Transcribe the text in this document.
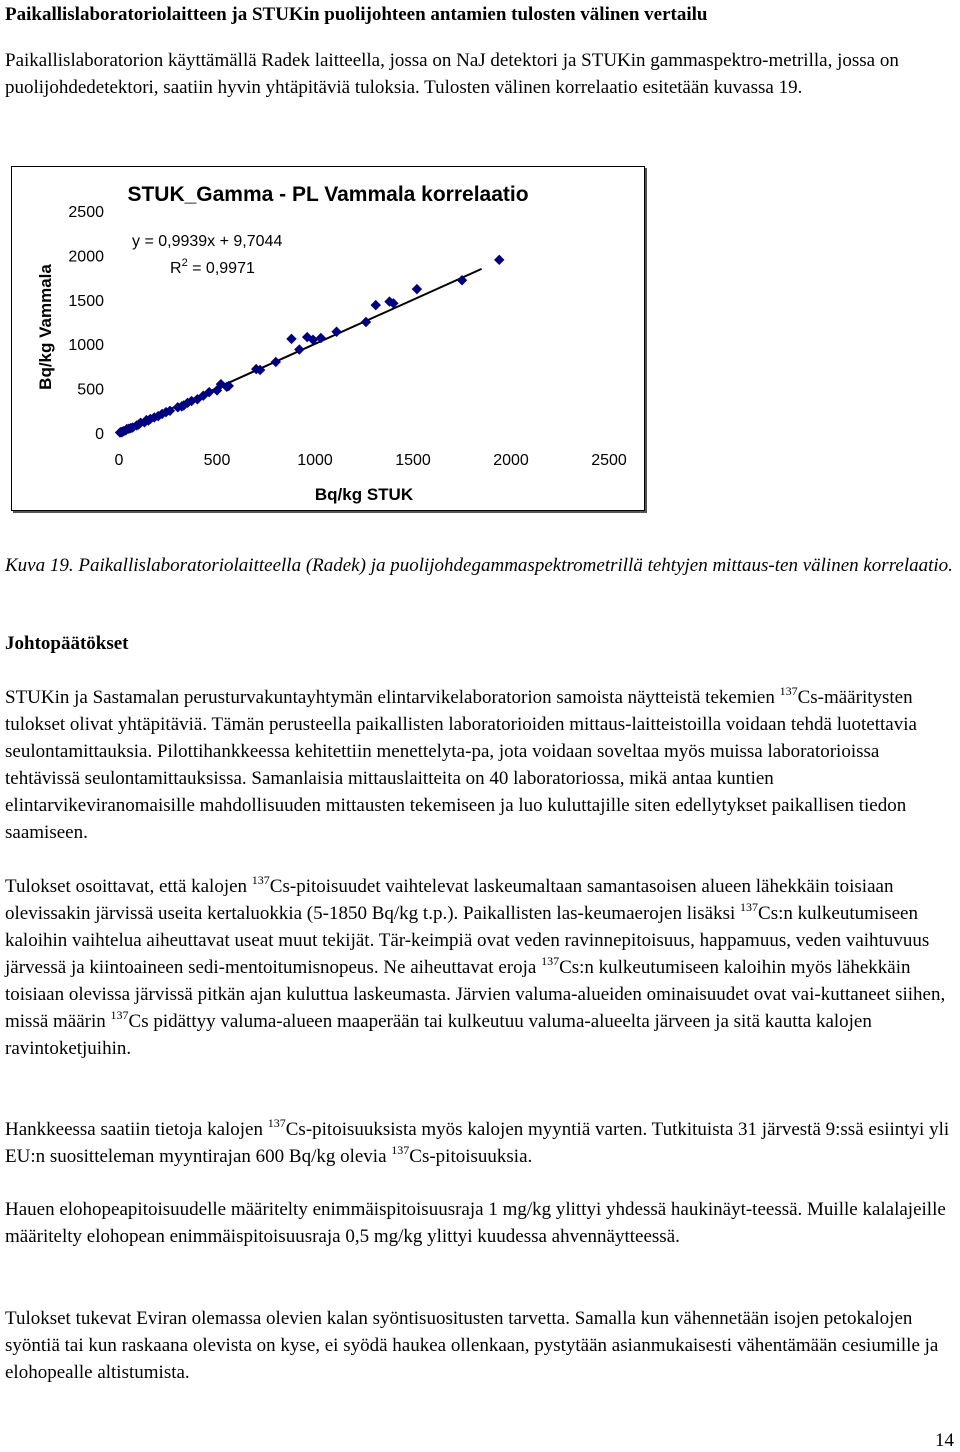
Paikallislaboratoriolaitteen ja STUKin puolijohteen antamien tulosten välinen vertailu
Paikallislaboratorion käyttämällä Radek laitteella, jossa on NaJ detektori ja STUKin gammaspektro-metrilla, jossa on puolijohdedetektori, saatiin hyvin yhtäpitäviä tuloksia. Tulosten välinen korrelaatio esitetään kuvassa 19.
STUK_Gamma - PL Vammala korrelaatio
Bq/kg Vammala
Bq/kg STUK
y = 0,9939x + 9,7044
$R^2 = 0,9971$
0
500
1000
1500
2000
2500
0	500	1000	1500	2000	2500
Kuva 19. Paikallislaboratoriolaitteella (Radek) ja puolijohdegammaspektrometrillä tehtyjen mittaus-ten välinen korrelaatio.
Johtopäätökset
STUKin ja Sastamalan perusturvakuntayhtymän elintarvikelaboratorion samoista näytteistä tekemien $^{137}$Cs-määritysten tulokset olivat yhtäpitäviä. Tämän perusteella paikallisten laboratorioiden mittaus-laitteistoilla voidaan tehdä luotettavia seulontamittauksia. Pilottihankkeessa kehitettiin menettelyta-pa, jota voidaan soveltaa myös muissa laboratorioissa tehtävissä seulontamittauksissa. Samanlaisia mittauslaitteita on 40 laboratoriossa, mikä antaa kuntien elintarvikeviranomaisille mahdollisuuden mittausten tekemiseen ja luo kuluttajille siten edellytykset paikallisen tiedon saamiseen.
Tulokset osoittavat, että kalojen $^{137}$Cs-pitoisuudet vaihtelevat laskeumaltaan samantasoisen alueen lähekkäin toisiaan olevissakin järvissä useita kertaluokkia (5-1850 Bq/kg t.p.). Paikallisten las-keumaerojen lisäksi $^{137}$Cs:n kulkeutumiseen kaloihin vaihtelua aiheuttavat useat muut tekijät. Tär-keimpiä ovat veden ravinnepitoisuus, happamuus, veden vaihtuvuus järvessä ja kiintoaineen sedi-mentoitumisnopeus. Ne aiheuttavat eroja $^{137}$Cs:n kulkeutumiseen kaloihin myös lähekkäin toisiaan olevissa järvissä pitkän ajan kuluttua laskeumasta. Järvien valuma-alueiden ominaisuudet ovat vai-kuttaneet siihen, missä määrin $^{137}$Cs pidättyy valuma-alueen maaperään tai kulkeutuu valuma-alueelta järveen ja sitä kautta kalojen ravintoketjuihin.
Hankkeessa saatiin tietoja kalojen $^{137}$Cs-pitoisuuksista myös kalojen myyntiä varten. Tutkituista 31 järvestä 9:ssä esiintyi yli EU:n suositteleman myyntirajan 600 Bq/kg olevia $^{137}$Cs-pitoisuuksia.
Hauen elohopeapitoisuudelle määritelty enimmäispitoisuusraja 1 mg/kg ylittyi yhdessä haukinäyt-teessä. Muille kalalajeille määritelty elohopean enimmäispitoisuusraja 0,5 mg/kg ylittyi kuudessa ahvennäytteessä.
Tulokset tukevat Eviran olemassa olevien kalan syöntisuositusten tarvetta. Samalla kun vähennetään isojen petokalojen syöntiä tai kun raskaana olevista on kyse, ei syödä haukea ollenkaan, pystytään asianmukaisesti vähentämään cesiumille ja elohopealle altistumista.
14
